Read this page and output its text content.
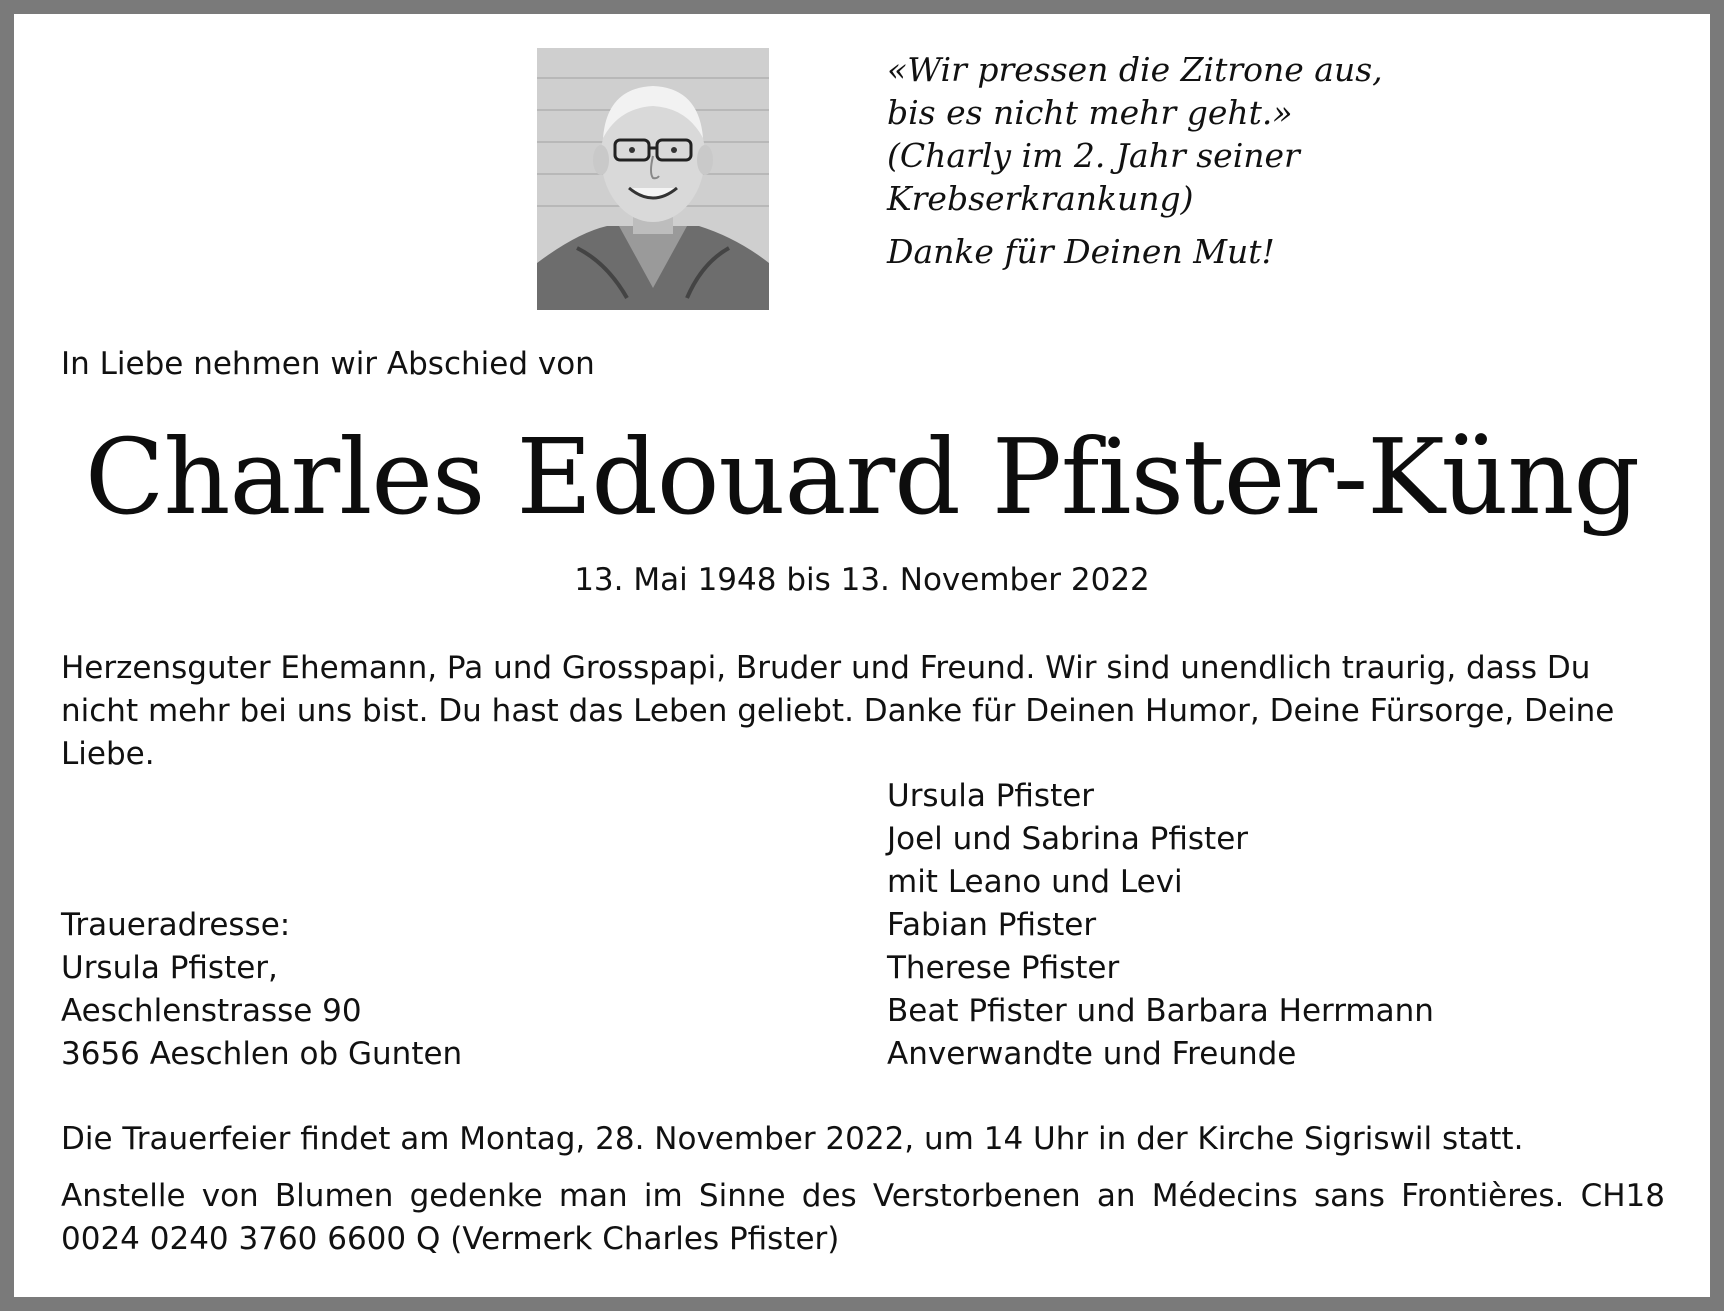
«Wir pressen die Zitrone aus, bis es nicht mehr geht.» (Charly im 2. Jahr seiner Krebserkrankung)
Danke für Deinen Mut!
In Liebe nehmen wir Abschied von
Charles Edouard Pfister-Küng
13. Mai 1948 bis 13. November 2022
Herzensguter Ehemann, Pa und Grosspapi, Bruder und Freund. Wir sind unendlich traurig, dass Du nicht mehr bei uns bist. Du hast das Leben geliebt. Danke für Deinen Humor, Deine Fürsorge, Deine Liebe.
Traueradresse:
Ursula Pfister,
Aeschlenstrasse 90
3656 Aeschlen ob Gunten
Ursula Pfister
Joel und Sabrina Pfister
mit Leano und Levi
Fabian Pfister
Therese Pfister
Beat Pfister und Barbara Herrmann
Anverwandte und Freunde
Die Trauerfeier findet am Montag, 28. November 2022, um 14 Uhr in der Kirche Sigriswil statt.
Anstelle von Blumen gedenke man im Sinne des Verstorbenen an Médecins sans Frontières. CH18 0024 0240 3760 6600 Q (Vermerk Charles Pfister)
